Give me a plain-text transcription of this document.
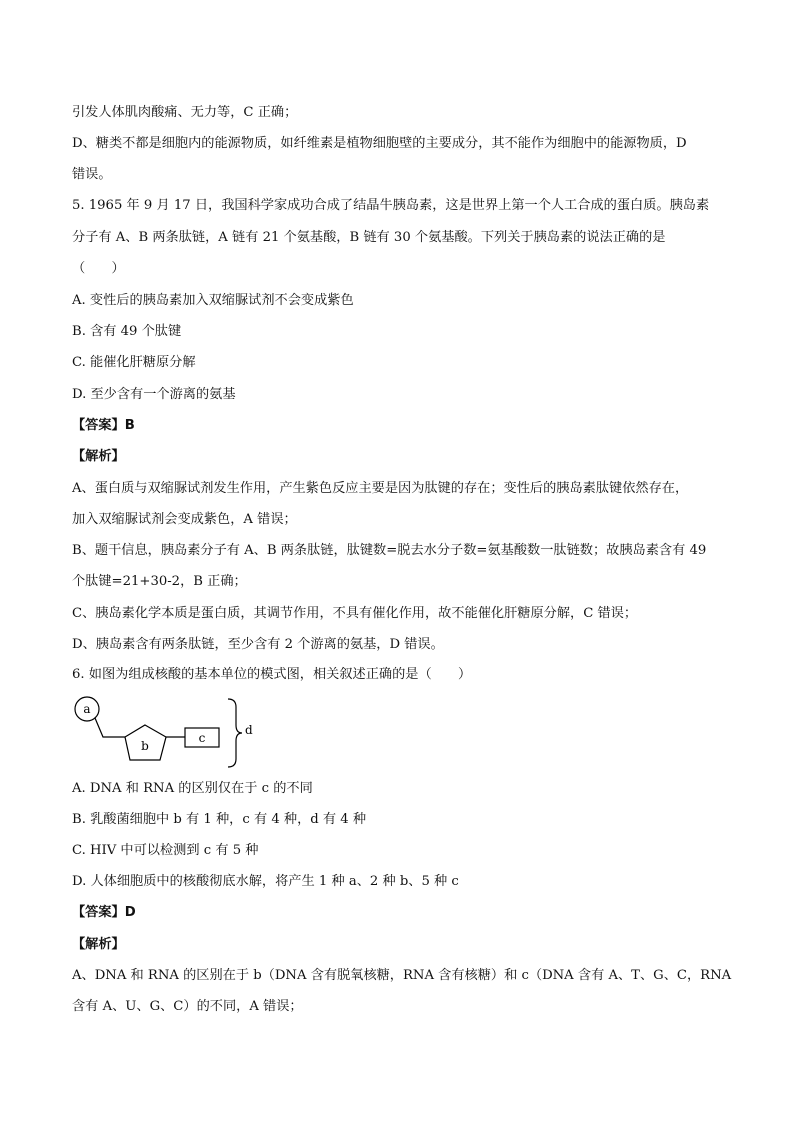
引发人体肌肉酸痛、无力等，C 正确；
D、糖类不都是细胞内的能源物质，如纤维素是植物细胞壁的主要成分，其不能作为细胞中的能源物质，D
错误。
5. 1965 年 9 月 17 日，我国科学家成功合成了结晶牛胰岛素，这是世界上第一个人工合成的蛋白质。胰岛素
分子有 A、B 两条肽链，A 链有 21 个氨基酸，B 链有 30 个氨基酸。下列关于胰岛素的说法正确的是
（　　）
A. 变性后的胰岛素加入双缩脲试剂不会变成紫色
B. 含有 49 个肽键
C. 能催化肝糖原分解
D. 至少含有一个游离的氨基
【答案】B
【解析】
A、蛋白质与双缩脲试剂发生作用，产生紫色反应主要是因为肽键的存在；变性后的胰岛素肽键依然存在，
加入双缩脲试剂会变成紫色，A 错误；
B、题干信息，胰岛素分子有 A、B 两条肽链，肽键数=脱去水分子数=氨基酸数一肽链数；故胰岛素含有 49
个肽键=21+30-2，B 正确；
C、胰岛素化学本质是蛋白质，其调节作用，不具有催化作用，故不能催化肝糖原分解，C 错误；
D、胰岛素含有两条肽链，至少含有 2 个游离的氨基，D 错误。
6. 如图为组成核酸的基本单位的模式图，相关叙述正确的是（　　）
a
b
c
d
A. DNA 和 RNA 的区别仅在于 c 的不同
B. 乳酸菌细胞中 b 有 1 种，c 有 4 种，d 有 4 种
C. HIV 中可以检测到 c 有 5 种
D. 人体细胞质中的核酸彻底水解，将产生 1 种 a、2 种 b、5 种 c
【答案】D
【解析】
A、DNA 和 RNA 的区别在于 b（DNA 含有脱氧核糖，RNA 含有核糖）和 c（DNA 含有 A、T、G、C，RNA
含有 A、U、G、C）的不同，A 错误；
